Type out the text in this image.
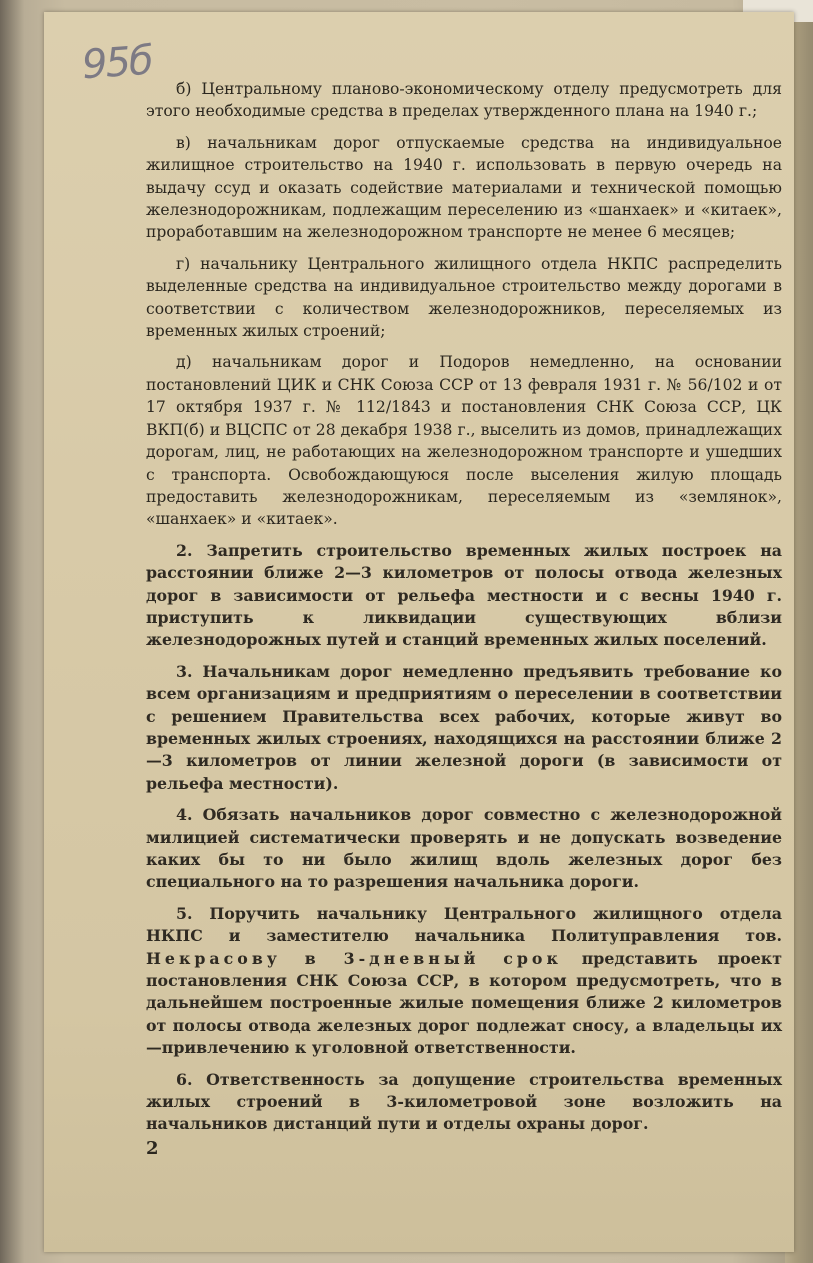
95б

б) Центральному планово-экономическому отделу предусмотреть для этого необходимые средства в пределах утвержденного плана на 1940 г.;

в) начальникам дорог отпускаемые средства на индивидуальное жилищное строительство на 1940 г. использовать в первую очередь на выдачу ссуд и оказать содействие материалами и технической помощью железнодорожникам, подлежащим переселению из «шанхаек» и «китаек», проработавшим на железнодорожном транспорте не менее 6 месяцев;

г) начальнику Центрального жилищного отдела НКПС распределить выделенные средства на индивидуальное строительство между дорогами в соответствии с количеством железнодорожников, переселяемых из временных жилых строений;

д) начальникам дорог и Подоров немедленно, на основании постановлений ЦИК и СНК Союза ССР от 13 февраля 1931 г. № 56/102 и от 17 октября 1937 г. № 112/1843 и постановления СНК Союза ССР, ЦК ВКП(б) и ВЦСПС от 28 декабря 1938 г., выселить из домов, принадлежащих дорогам, лиц, не работающих на железнодорожном транспорте и ушедших с транспорта. Освобождающуюся после выселения жилую площадь предоставить железнодорожникам, переселяемым из «землянок», «шанхаек» и «китаек».

2. Запретить строительство временных жилых построек на расстоянии ближе 2—3 километров от полосы отвода железных дорог в зависимости от рельефа местности и с весны 1940 г. приступить к ликвидации существующих вблизи железнодорожных путей и станций временных жилых поселений.

3. Начальникам дорог немедленно предъявить требование ко всем организациям и предприятиям о переселении в соответствии с решением Правительства всех рабочих, которые живут во временных жилых строениях, находящихся на расстоянии ближе 2—3 километров от линии железной дороги (в зависимости от рельефа местности).

4. Обязать начальников дорог совместно с железнодорожной милицией систематически проверять и не допускать возведение каких бы то ни было жилищ вдоль железных дорог без специального на то разрешения начальника дороги.

5. Поручить начальнику Центрального жилищного отдела НКПС и заместителю начальника Политуправления тов. Некрасову в 3-дневный срок представить проект постановления СНК Союза ССР, в котором предусмотреть, что в дальнейшем построенные жилые помещения ближе 2 километров от полосы отвода железных дорог подлежат сносу, а владельцы их—привлечению к уголовной ответственности.

6. Ответственность за допущение строительства временных жилых строений в 3-километровой зоне возложить на начальников дистанций пути и отделы охраны дорог.

2
